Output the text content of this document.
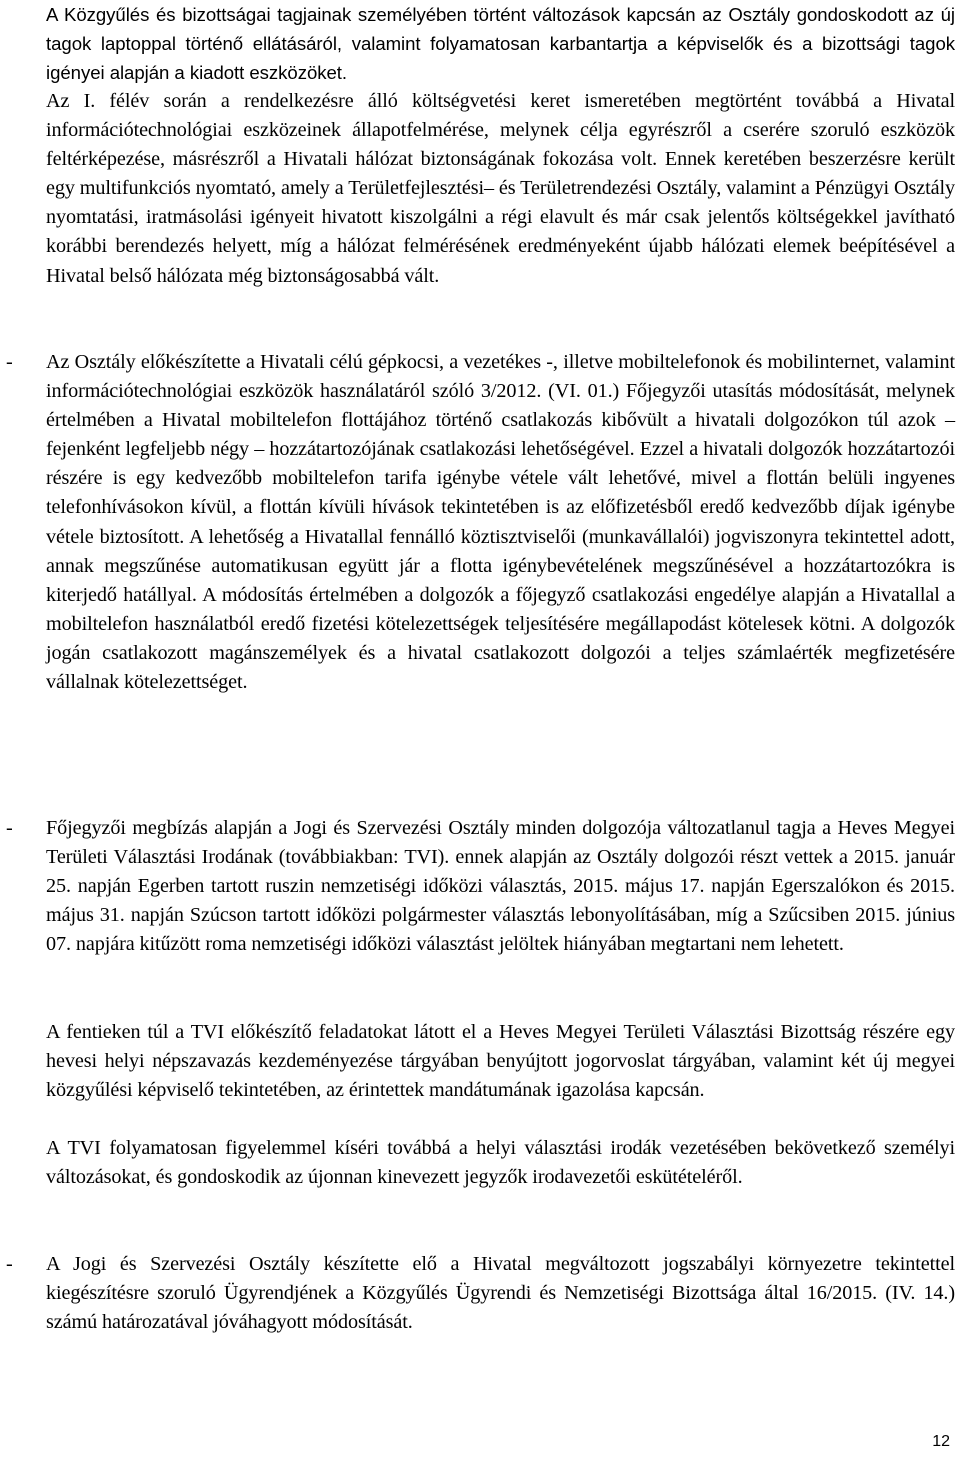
A Közgyűlés és bizottságai tagjainak személyében történt változások kapcsán az Osztály gondoskodott az új tagok laptoppal történő ellátásáról, valamint folyamatosan karbantartja a képviselők és a bizottsági tagok igényei alapján a kiadott eszközöket.

Az I. félév során a rendelkezésre álló költségvetési keret ismeretében megtörtént továbbá a Hivatal információtechnológiai eszközeinek állapotfelmérése, melynek célja egyrészről a cserére szoruló eszközök feltérképezése, másrészről a Hivatali hálózat biztonságának fokozása volt. Ennek keretében beszerzésre került egy multifunkciós nyomtató, amely a Területfejlesztési– és Területrendezési Osztály, valamint a Pénzügyi Osztály nyomtatási, iratmásolási igényeit hivatott kiszolgálni a régi elavult és már csak jelentős költségekkel javítható korábbi berendezés helyett, míg a hálózat felmérésének eredményeként újabb hálózati elemek beépítésével a Hivatal belső hálózata még biztonságosabbá vált.

- Az Osztály előkészítette a Hivatali célú gépkocsi, a vezetékes -, illetve mobiltelefonok és mobilinternet, valamint információtechnológiai eszközök használatáról szóló 3/2012. (VI. 01.) Főjegyzői utasítás módosítását, melynek értelmében a Hivatal mobiltelefon flottájához történő csatlakozás kibővült a hivatali dolgozókon túl azok – fejenként legfeljebb négy – hozzátartozójának csatlakozási lehetőségével. Ezzel a hivatali dolgozók hozzátartozói részére is egy kedvezőbb mobiltelefon tarifa igénybe vétele vált lehetővé, mivel a flottán belüli ingyenes telefonhívásokon kívül, a flottán kívüli hívások tekintetében is az előfizetésből eredő kedvezőbb díjak igénybe vétele biztosított. A lehetőség a Hivatallal fennálló köztisztviselői (munkavállalói) jogviszonyra tekintettel adott, annak megszűnése automatikusan együtt jár a flotta igénybevételének megszűnésével a hozzátartozókra is kiterjedő hatállyal. A módosítás értelmében a dolgozók a főjegyző csatlakozási engedélye alapján a Hivatallal a mobiltelefon használatból eredő fizetési kötelezettségek teljesítésére megállapodást kötelesek kötni. A dolgozók jogán csatlakozott magánszemélyek és a hivatal csatlakozott dolgozói a teljes számlaérték megfizetésére vállalnak kötelezettséget.

- Főjegyzői megbízás alapján a Jogi és Szervezési Osztály minden dolgozója változatlanul tagja a Heves Megyei Területi Választási Irodának (továbbiakban: TVI). ennek alapján az Osztály dolgozói részt vettek a 2015. január 25. napján Egerben tartott ruszin nemzetiségi időközi választás, 2015. május 17. napján Egerszalókon és 2015. május 31. napján Szúcson tartott időközi polgármester választás lebonyolításában, míg a Szűcsiben 2015. június 07. napjára kitűzött roma nemzetiségi időközi választást jelöltek hiányában megtartani nem lehetett.

A fentieken túl a TVI előkészítő feladatokat látott el a Heves Megyei Területi Választási Bizottság részére egy hevesi helyi népszavazás kezdeményezése tárgyában benyújtott jogorvoslat tárgyában, valamint két új megyei közgyűlési képviselő tekintetében, az érintettek mandátumának igazolása kapcsán.

A TVI folyamatosan figyelemmel kíséri továbbá a helyi választási irodák vezetésében bekövetkező személyi változásokat, és gondoskodik az újonnan kinevezett jegyzők irodavezetői eskütételéről.

- A Jogi és Szervezési Osztály készítette elő a Hivatal megváltozott jogszabályi környezetre tekintettel kiegészítésre szoruló Ügyrendjének a Közgyűlés Ügyrendi és Nemzetiségi Bizottsága által 16/2015. (IV. 14.) számú határozatával jóváhagyott módosítását.

12
